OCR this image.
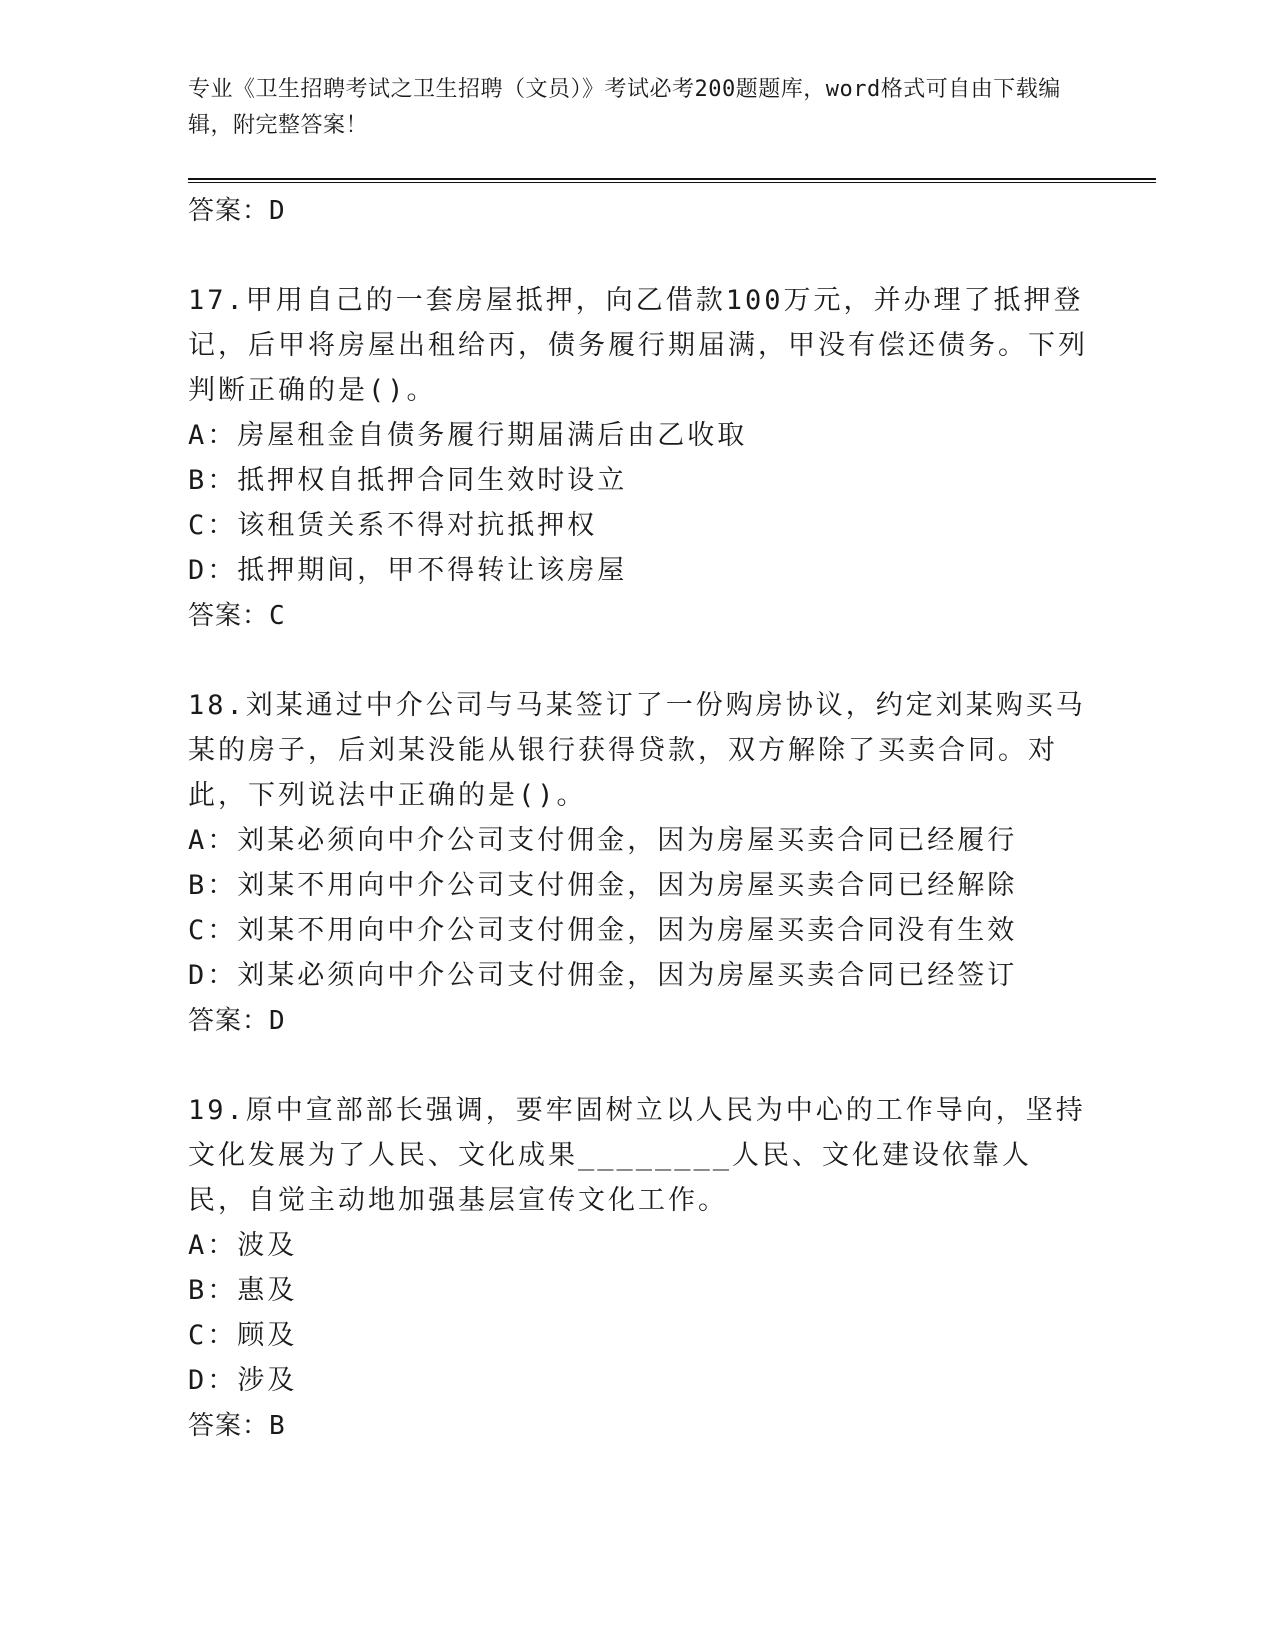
专业《卫生招聘考试之卫生招聘（文员）》考试必考200题题库，word格式可自由下载编辑，附完整答案！

答案：D

17.甲用自己的一套房屋抵押，向乙借款100万元，并办理了抵押登记，后甲将房屋出租给丙，债务履行期届满，甲没有偿还债务。下列判断正确的是()。

A：房屋租金自债务履行期届满后由乙收取

B：抵押权自抵押合同生效时设立

C：该租赁关系不得对抗抵押权

D：抵押期间，甲不得转让该房屋

答案：C

18.刘某通过中介公司与马某签订了一份购房协议，约定刘某购买马某的房子，后刘某没能从银行获得贷款，双方解除了买卖合同。对此，下列说法中正确的是()。

A：刘某必须向中介公司支付佣金，因为房屋买卖合同已经履行

B：刘某不用向中介公司支付佣金，因为房屋买卖合同已经解除

C：刘某不用向中介公司支付佣金，因为房屋买卖合同没有生效

D：刘某必须向中介公司支付佣金，因为房屋买卖合同已经签订

答案：D

19.原中宣部部长强调，要牢固树立以人民为中心的工作导向，坚持文化发展为了人民、文化成果________人民、文化建设依靠人民，自觉主动地加强基层宣传文化工作。

A：波及

B：惠及

C：顾及

D：涉及

答案：B
